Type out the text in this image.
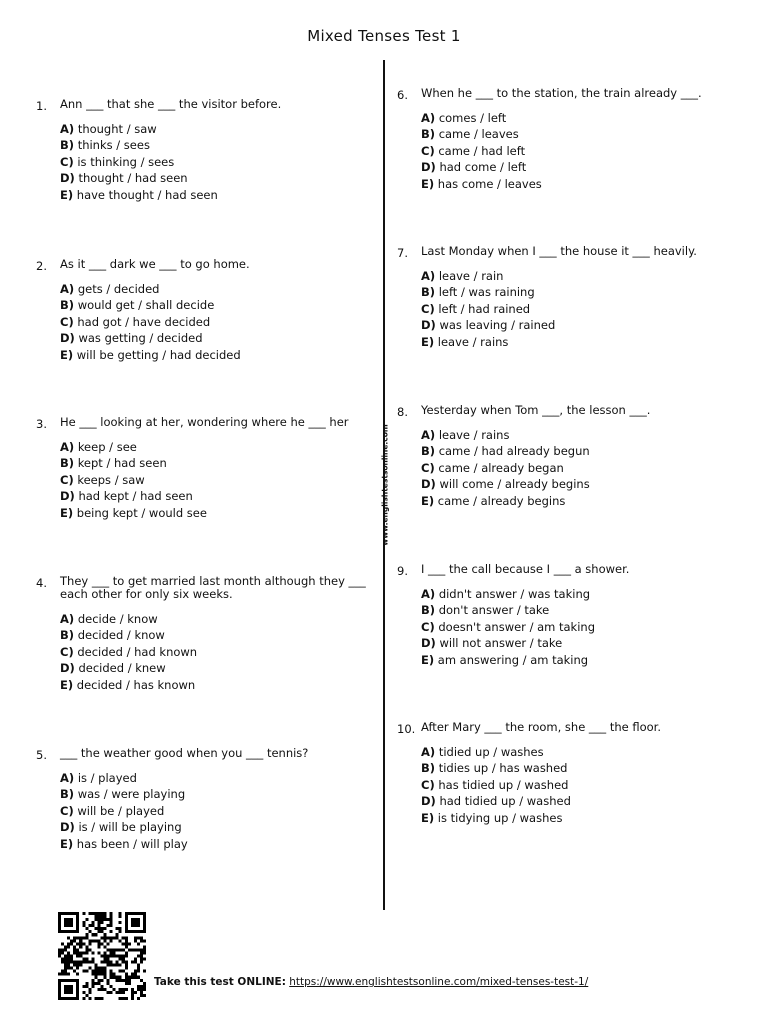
Mixed Tenses Test 1
www.englishtestsonline.com
1. Ann ___ that she ___ the visitor before.

A) thought / saw

B) thinks / sees

C) is thinking / sees

D) thought / had seen

E) have thought / had seen

2. As it ___ dark we ___ to go home.

A) gets / decided

B) would get / shall decide

C) had got / have decided

D) was getting / decided

E) will be getting / had decided

3. He ___ looking at her, wondering where he ___ her

A) keep / see

B) kept / had seen

C) keeps / saw

D) had kept / had seen

E) being kept / would see

4. They ___ to get married last month although they ___ each other for only six weeks.

A) decide / know

B) decided / know

C) decided / had known

D) decided / knew

E) decided / has known

5. ___ the weather good when you ___ tennis?

A) is / played

B) was / were playing

C) will be / played

D) is / will be playing

E) has been / will play

6. When he ___ to the station, the train already ___.

A) comes / left

B) came / leaves

C) came / had left

D) had come / left

E) has come / leaves

7. Last Monday when I ___ the house it ___ heavily.

A) leave / rain

B) left / was raining

C) left / had rained

D) was leaving / rained

E) leave / rains

8. Yesterday when Tom ___, the lesson ___.

A) leave / rains

B) came / had already begun

C) came / already began

D) will come / already begins

E) came / already begins

9. I ___ the call because I ___ a shower.

A) didn't answer / was taking

B) don't answer / take

C) doesn't answer / am taking

D) will not answer / take

E) am answering / am taking

10. After Mary ___ the room, she ___ the floor.

A) tidied up / washes

B) tidies up / has washed

C) has tidied up / washed

D) had tidied up / washed

E) is tidying up / washes

Take this test ONLINE: https://www.englishtestsonline.com/mixed-tenses-test-1/
